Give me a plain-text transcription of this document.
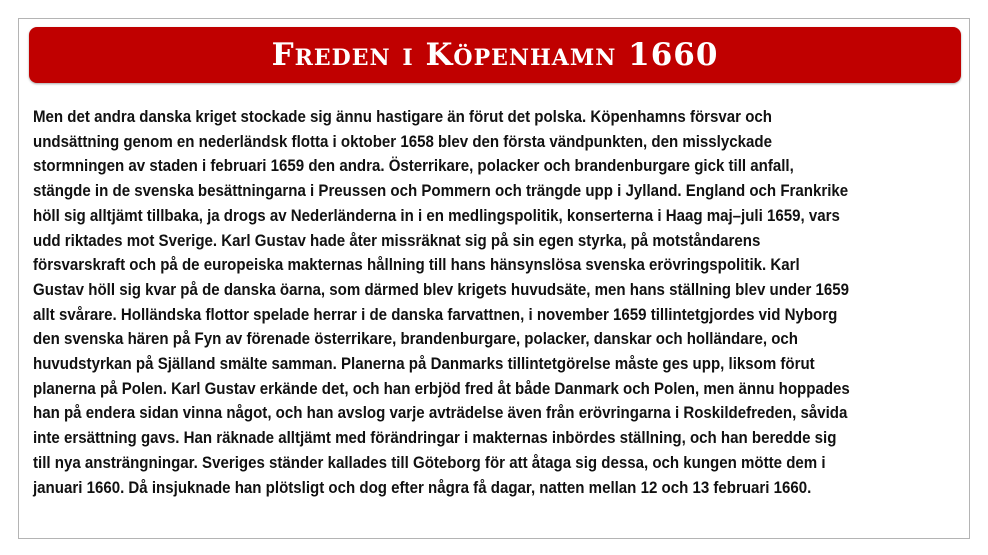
Freden i Köpenhamn 1660

Men det andra danska kriget stockade sig ännu hastigare än förut det polska. Köpenhamns försvar och
undsättning genom en nederländsk flotta i oktober 1658 blev den första vändpunkten, den misslyckade
stormningen av staden i februari 1659 den andra. Österrikare, polacker och brandenburgare gick till anfall,
stängde in de svenska besättningarna i Preussen och Pommern och trängde upp i Jylland. England och Frankrike
höll sig alltjämt tillbaka, ja drogs av Nederländerna in i en medlingspolitik, konserterna i Haag maj–juli 1659, vars
udd riktades mot Sverige. Karl Gustav hade åter missräknat sig på sin egen styrka, på motståndarens
försvarskraft och på de europeiska makternas hållning till hans hänsynslösa svenska erövringspolitik. Karl
Gustav höll sig kvar på de danska öarna, som därmed blev krigets huvudsäte, men hans ställning blev under 1659
allt svårare. Holländska flottor spelade herrar i de danska farvattnen, i november 1659 tillintetgjordes vid Nyborg
den svenska hären på Fyn av förenade österrikare, brandenburgare, polacker, danskar och holländare, och
huvudstyrkan på Själland smälte samman. Planerna på Danmarks tillintetgörelse måste ges upp, liksom förut
planerna på Polen. Karl Gustav erkände det, och han erbjöd fred åt både Danmark och Polen, men ännu hoppades
han på endera sidan vinna något, och han avslog varje avträdelse även från erövringarna i Roskildefreden, såvida
inte ersättning gavs. Han räknade alltjämt med förändringar i makternas inbördes ställning, och han beredde sig
till nya ansträngningar. Sveriges ständer kallades till Göteborg för att åtaga sig dessa, och kungen mötte dem i
januari 1660. Då insjuknade han plötsligt och dog efter några få dagar, natten mellan 12 och 13 februari 1660.
